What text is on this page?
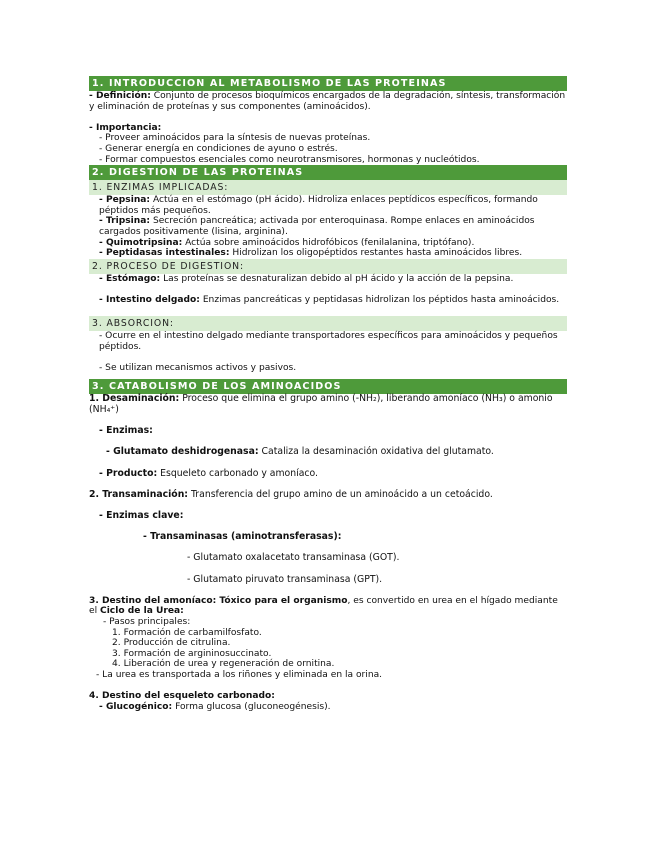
1. INTRODUCCION AL METABOLISMO DE LAS PROTEINAS

- Definición: Conjunto de procesos bioquímicos encargados de la degradación, síntesis, transformación y eliminación de proteínas y sus componentes (aminoácidos).

- Importancia:

- Proveer aminoácidos para la síntesis de nuevas proteínas.

- Generar energía en condiciones de ayuno o estrés.

- Formar compuestos esenciales como neurotransmisores, hormonas y nucleótidos.

2. DIGESTION DE LAS PROTEINAS
1. ENZIMAS IMPLICADAS:

- Pepsina: Actúa en el estómago (pH ácido). Hidroliza enlaces peptídicos específicos, formando péptidos más pequeños.

- Tripsina: Secreción pancreática; activada por enteroquinasa. Rompe enlaces en aminoácidos cargados positivamente (lisina, arginina).

- Quimotripsina: Actúa sobre aminoácidos hidrofóbicos (fenilalanina, triptófano).

- Peptidasas intestinales: Hidrolizan los oligopéptidos restantes hasta aminoácidos libres.

2. PROCESO DE DIGESTION:

- Estómago: Las proteínas se desnaturalizan debido al pH ácido y la acción de la pepsina.

- Intestino delgado: Enzimas pancreáticas y peptidasas hidrolizan los péptidos hasta aminoácidos.

3. ABSORCION:

- Ocurre en el intestino delgado mediante transportadores específicos para aminoácidos y pequeños péptidos.

- Se utilizan mecanismos activos y pasivos.

3. CATABOLISMO DE LOS AMINOACIDOS

1. Desaminación: Proceso que elimina el grupo amino (-NH₂), liberando amoníaco (NH₃) o amonio (NH₄⁺)

- Enzimas:

- Glutamato deshidrogenasa: Cataliza la desaminación oxidativa del glutamato.

- Producto: Esqueleto carbonado y amoníaco.

2. Transaminación: Transferencia del grupo amino de un aminoácido a un cetoácido.

- Enzimas clave:

- Transaminasas (aminotransferasas):

- Glutamato oxalacetato transaminasa (GOT).

- Glutamato piruvato transaminasa (GPT).

3. Destino del amoníaco: Tóxico para el organismo, es convertido en urea en el hígado mediante el Ciclo de la Urea:

- Pasos principales:

1. Formación de carbamilfosfato.

2. Producción de citrulina.

3. Formación de argininosuccinato.

4. Liberación de urea y regeneración de ornitina.

- La urea es transportada a los riñones y eliminada en la orina.

4. Destino del esqueleto carbonado:

- Glucogénico: Forma glucosa (gluconeogénesis).
